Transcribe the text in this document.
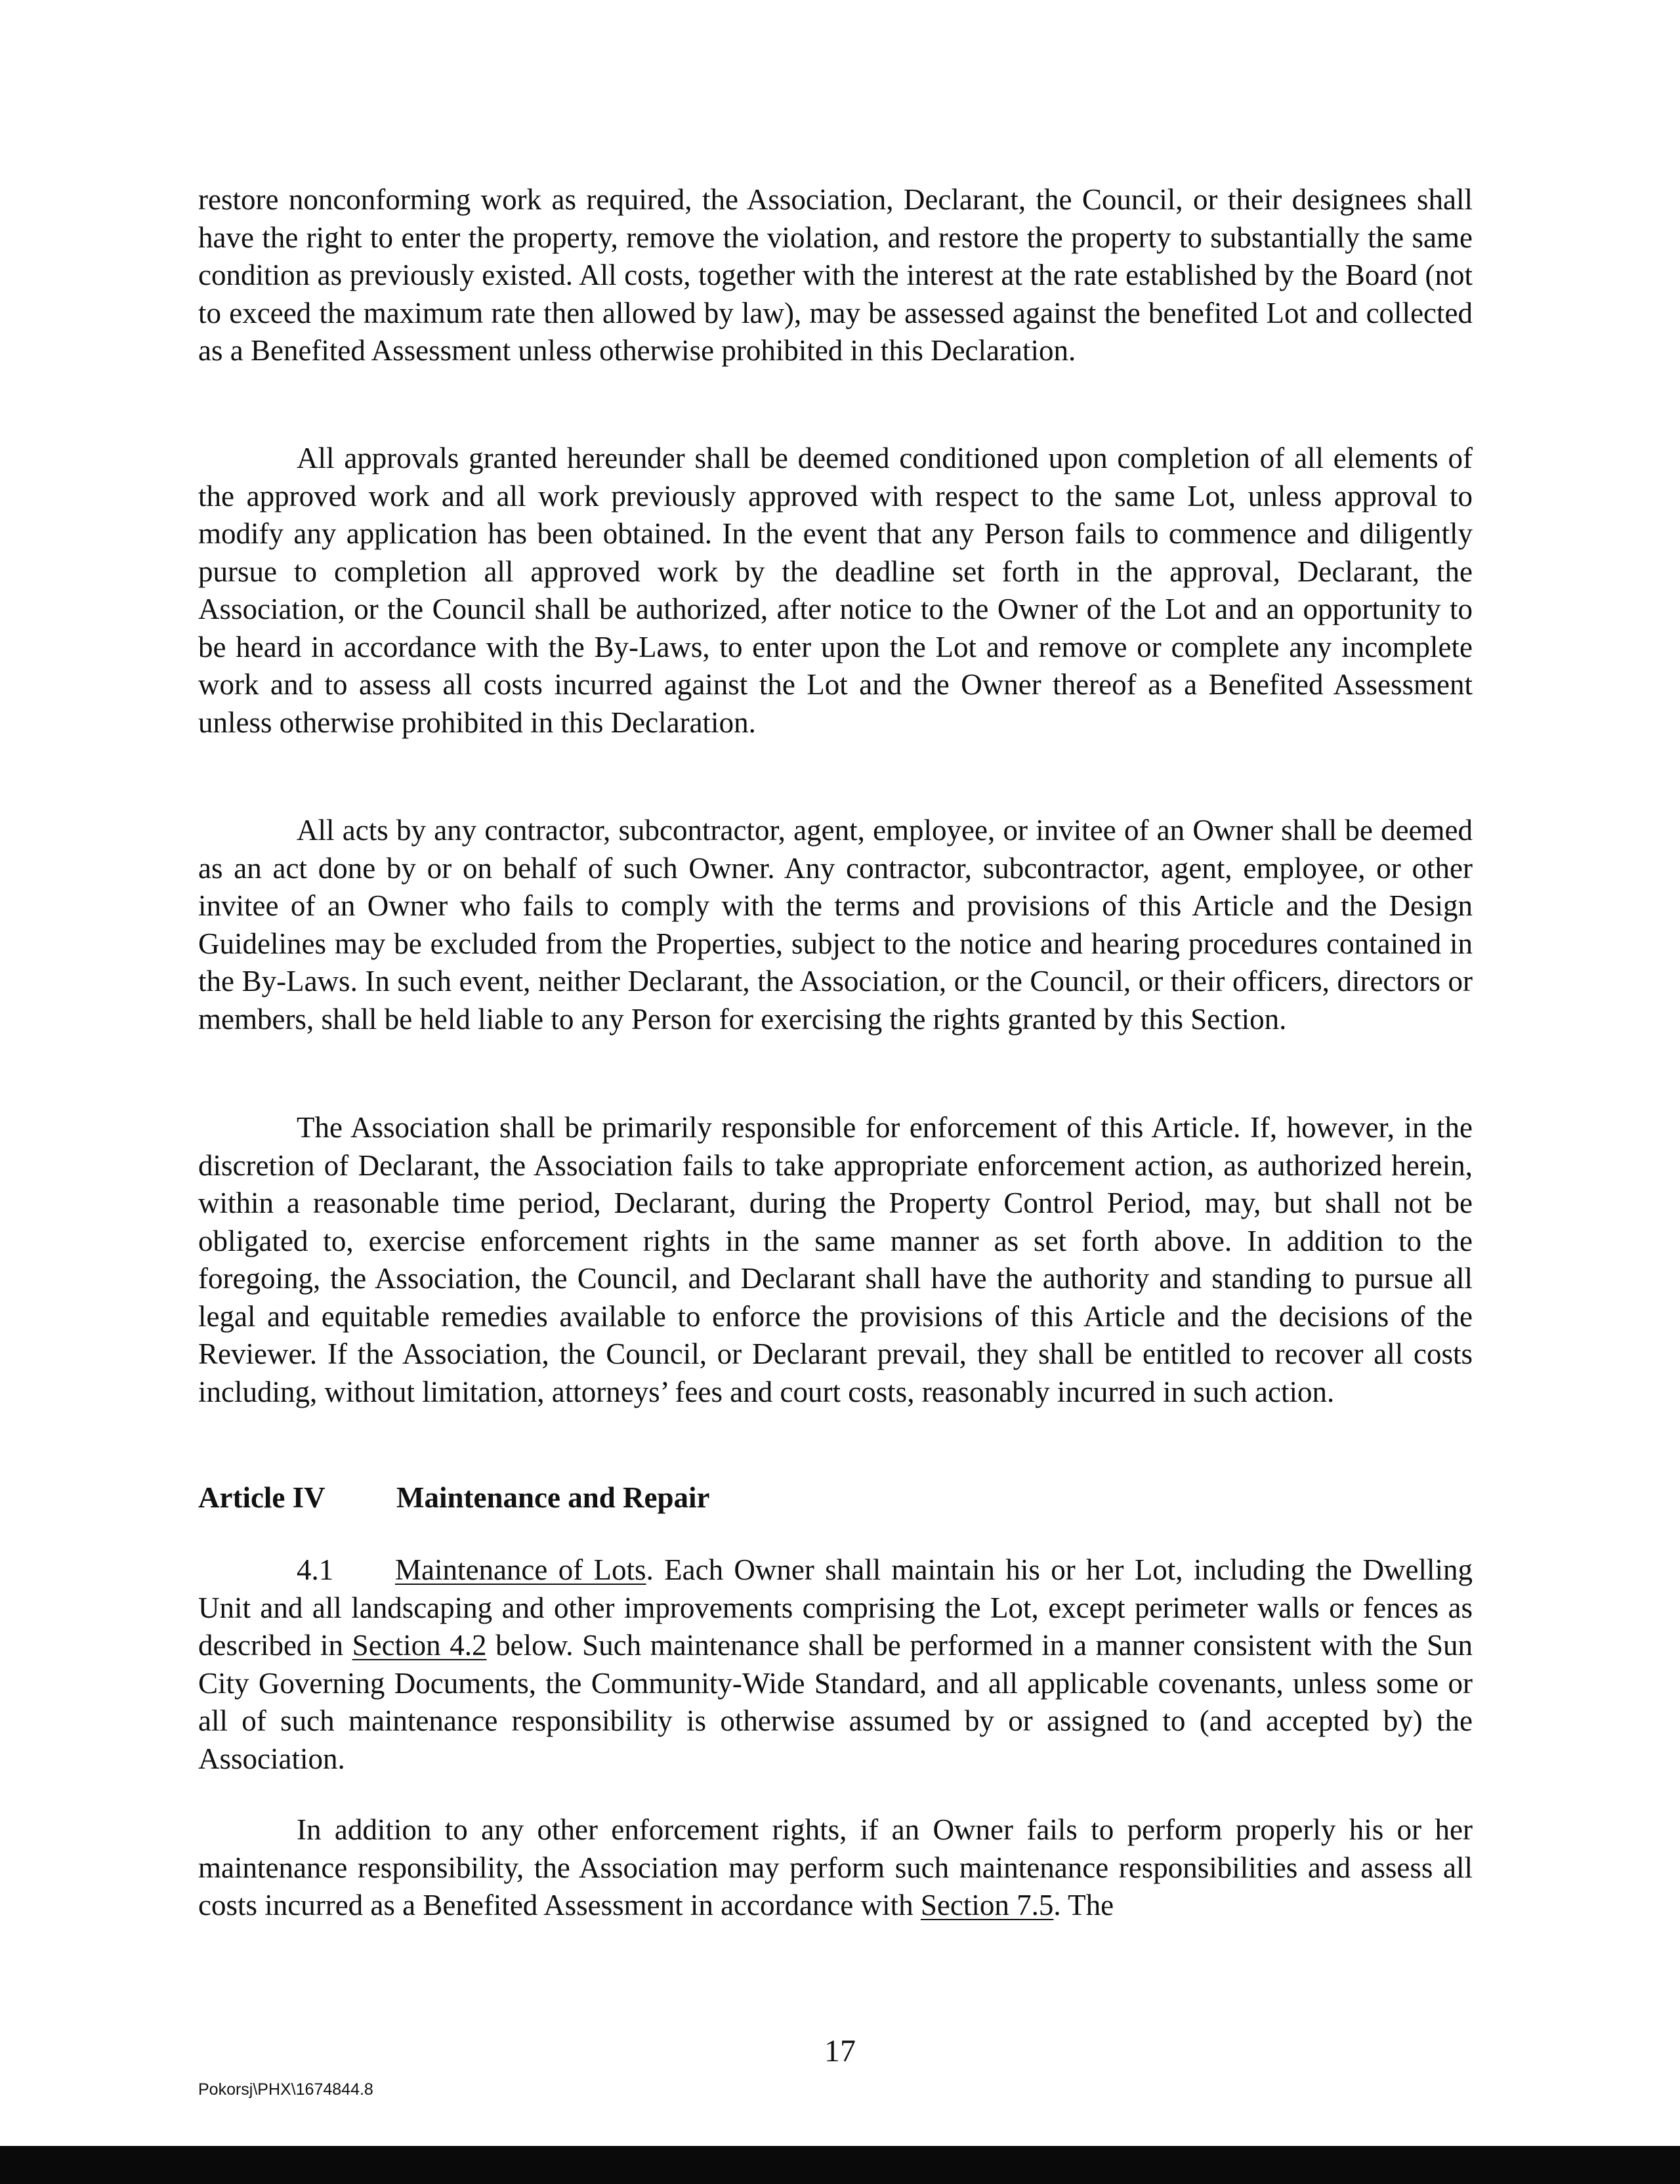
restore nonconforming work as required, the Association, Declarant, the Council, or their designees shall have the right to enter the property, remove the violation, and restore the property to substantially the same condition as previously existed. All costs, together with the interest at the rate established by the Board (not to exceed the maximum rate then allowed by law), may be assessed against the benefited Lot and collected as a Benefited Assessment unless otherwise prohibited in this Declaration.

All approvals granted hereunder shall be deemed conditioned upon completion of all elements of the approved work and all work previously approved with respect to the same Lot, unless approval to modify any application has been obtained. In the event that any Person fails to commence and diligently pursue to completion all approved work by the deadline set forth in the approval, Declarant, the Association, or the Council shall be authorized, after notice to the Owner of the Lot and an opportunity to be heard in accordance with the By-Laws, to enter upon the Lot and remove or complete any incomplete work and to assess all costs incurred against the Lot and the Owner thereof as a Benefited Assessment unless otherwise prohibited in this Declaration.

All acts by any contractor, subcontractor, agent, employee, or invitee of an Owner shall be deemed as an act done by or on behalf of such Owner. Any contractor, subcontractor, agent, employee, or other invitee of an Owner who fails to comply with the terms and provisions of this Article and the Design Guidelines may be excluded from the Properties, subject to the notice and hearing procedures contained in the By-Laws. In such event, neither Declarant, the Association, or the Council, or their officers, directors or members, shall be held liable to any Person for exercising the rights granted by this Section.

The Association shall be primarily responsible for enforcement of this Article. If, however, in the discretion of Declarant, the Association fails to take appropriate enforcement action, as authorized herein, within a reasonable time period, Declarant, during the Property Control Period, may, but shall not be obligated to, exercise enforcement rights in the same manner as set forth above. In addition to the foregoing, the Association, the Council, and Declarant shall have the authority and standing to pursue all legal and equitable remedies available to enforce the provisions of this Article and the decisions of the Reviewer. If the Association, the Council, or Declarant prevail, they shall be entitled to recover all costs including, without limitation, attorneys’ fees and court costs, reasonably incurred in such action.

Article IV Maintenance and Repair

4.1 Maintenance of Lots. Each Owner shall maintain his or her Lot, including the Dwelling Unit and all landscaping and other improvements comprising the Lot, except perimeter walls or fences as described in Section 4.2 below. Such maintenance shall be performed in a manner consistent with the Sun City Governing Documents, the Community-Wide Standard, and all applicable covenants, unless some or all of such maintenance responsibility is otherwise assumed by or assigned to (and accepted by) the Association.

In addition to any other enforcement rights, if an Owner fails to perform properly his or her maintenance responsibility, the Association may perform such maintenance responsibilities and assess all costs incurred as a Benefited Assessment in accordance with Section 7.5. The

17
Pokorsj\PHX\1674844.8
